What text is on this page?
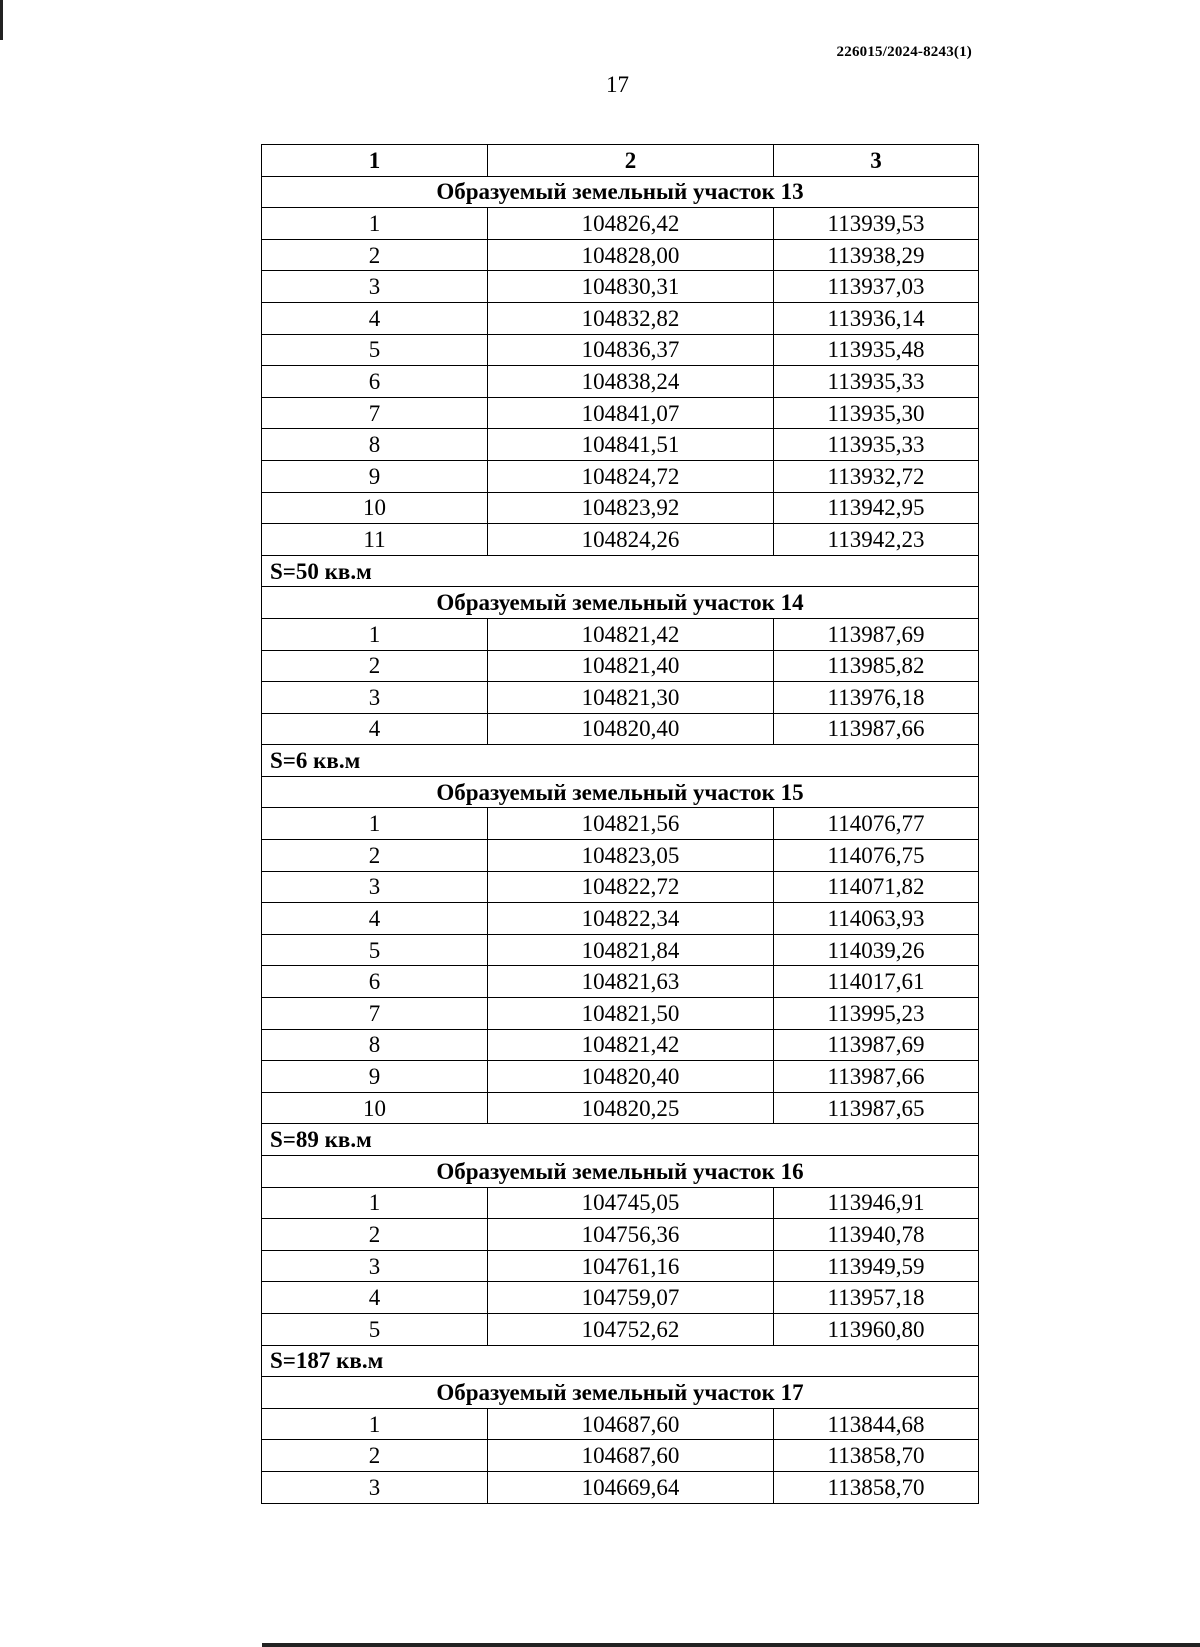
226015/2024-8243(1)
17
1	2	3
Образуемый земельный участок 13		
1	104826,42	113939,53
2	104828,00	113938,29
3	104830,31	113937,03
4	104832,82	113936,14
5	104836,37	113935,48
6	104838,24	113935,33
7	104841,07	113935,30
8	104841,51	113935,33
9	104824,72	113932,72
10	104823,92	113942,95
11	104824,26	113942,23
S=50 кв.м		
Образуемый земельный участок 14		
1	104821,42	113987,69
2	104821,40	113985,82
3	104821,30	113976,18
4	104820,40	113987,66
S=6 кв.м		
Образуемый земельный участок 15		
1	104821,56	114076,77
2	104823,05	114076,75
3	104822,72	114071,82
4	104822,34	114063,93
5	104821,84	114039,26
6	104821,63	114017,61
7	104821,50	113995,23
8	104821,42	113987,69
9	104820,40	113987,66
10	104820,25	113987,65
S=89 кв.м		
Образуемый земельный участок 16		
1	104745,05	113946,91
2	104756,36	113940,78
3	104761,16	113949,59
4	104759,07	113957,18
5	104752,62	113960,80
S=187 кв.м		
Образуемый земельный участок 17		
1	104687,60	113844,68
2	104687,60	113858,70
3	104669,64	113858,70
